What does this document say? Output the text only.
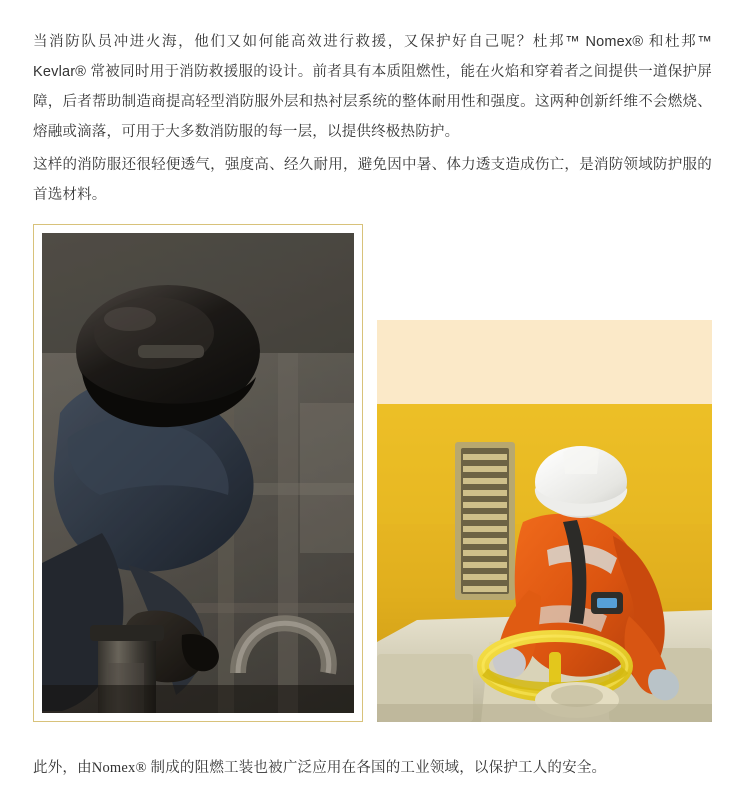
当消防队员冲进火海，他们又如何能高效进行救援，又保护好自己呢？杜邦™ Nomex® 和杜邦™ Kevlar® 常被同时用于消防救援服的设计。前者具有本质阻燃性，能在火焰和穿着者之间提供一道保护屏障，后者帮助制造商提高轻型消防服外层和热衬层系统的整体耐用性和强度。这两种创新纤维不会燃烧、熔融或滴落，可用于大多数消防服的每一层，以提供终极热防护。

这样的消防服还很轻便透气，强度高、经久耐用，避免因中暑、体力透支造成伤亡，是消防领域防护服的首选材料。

此外，由Nomex® 制成的阻燃工装也被广泛应用在各国的工业领域，以保护工人的安全。
